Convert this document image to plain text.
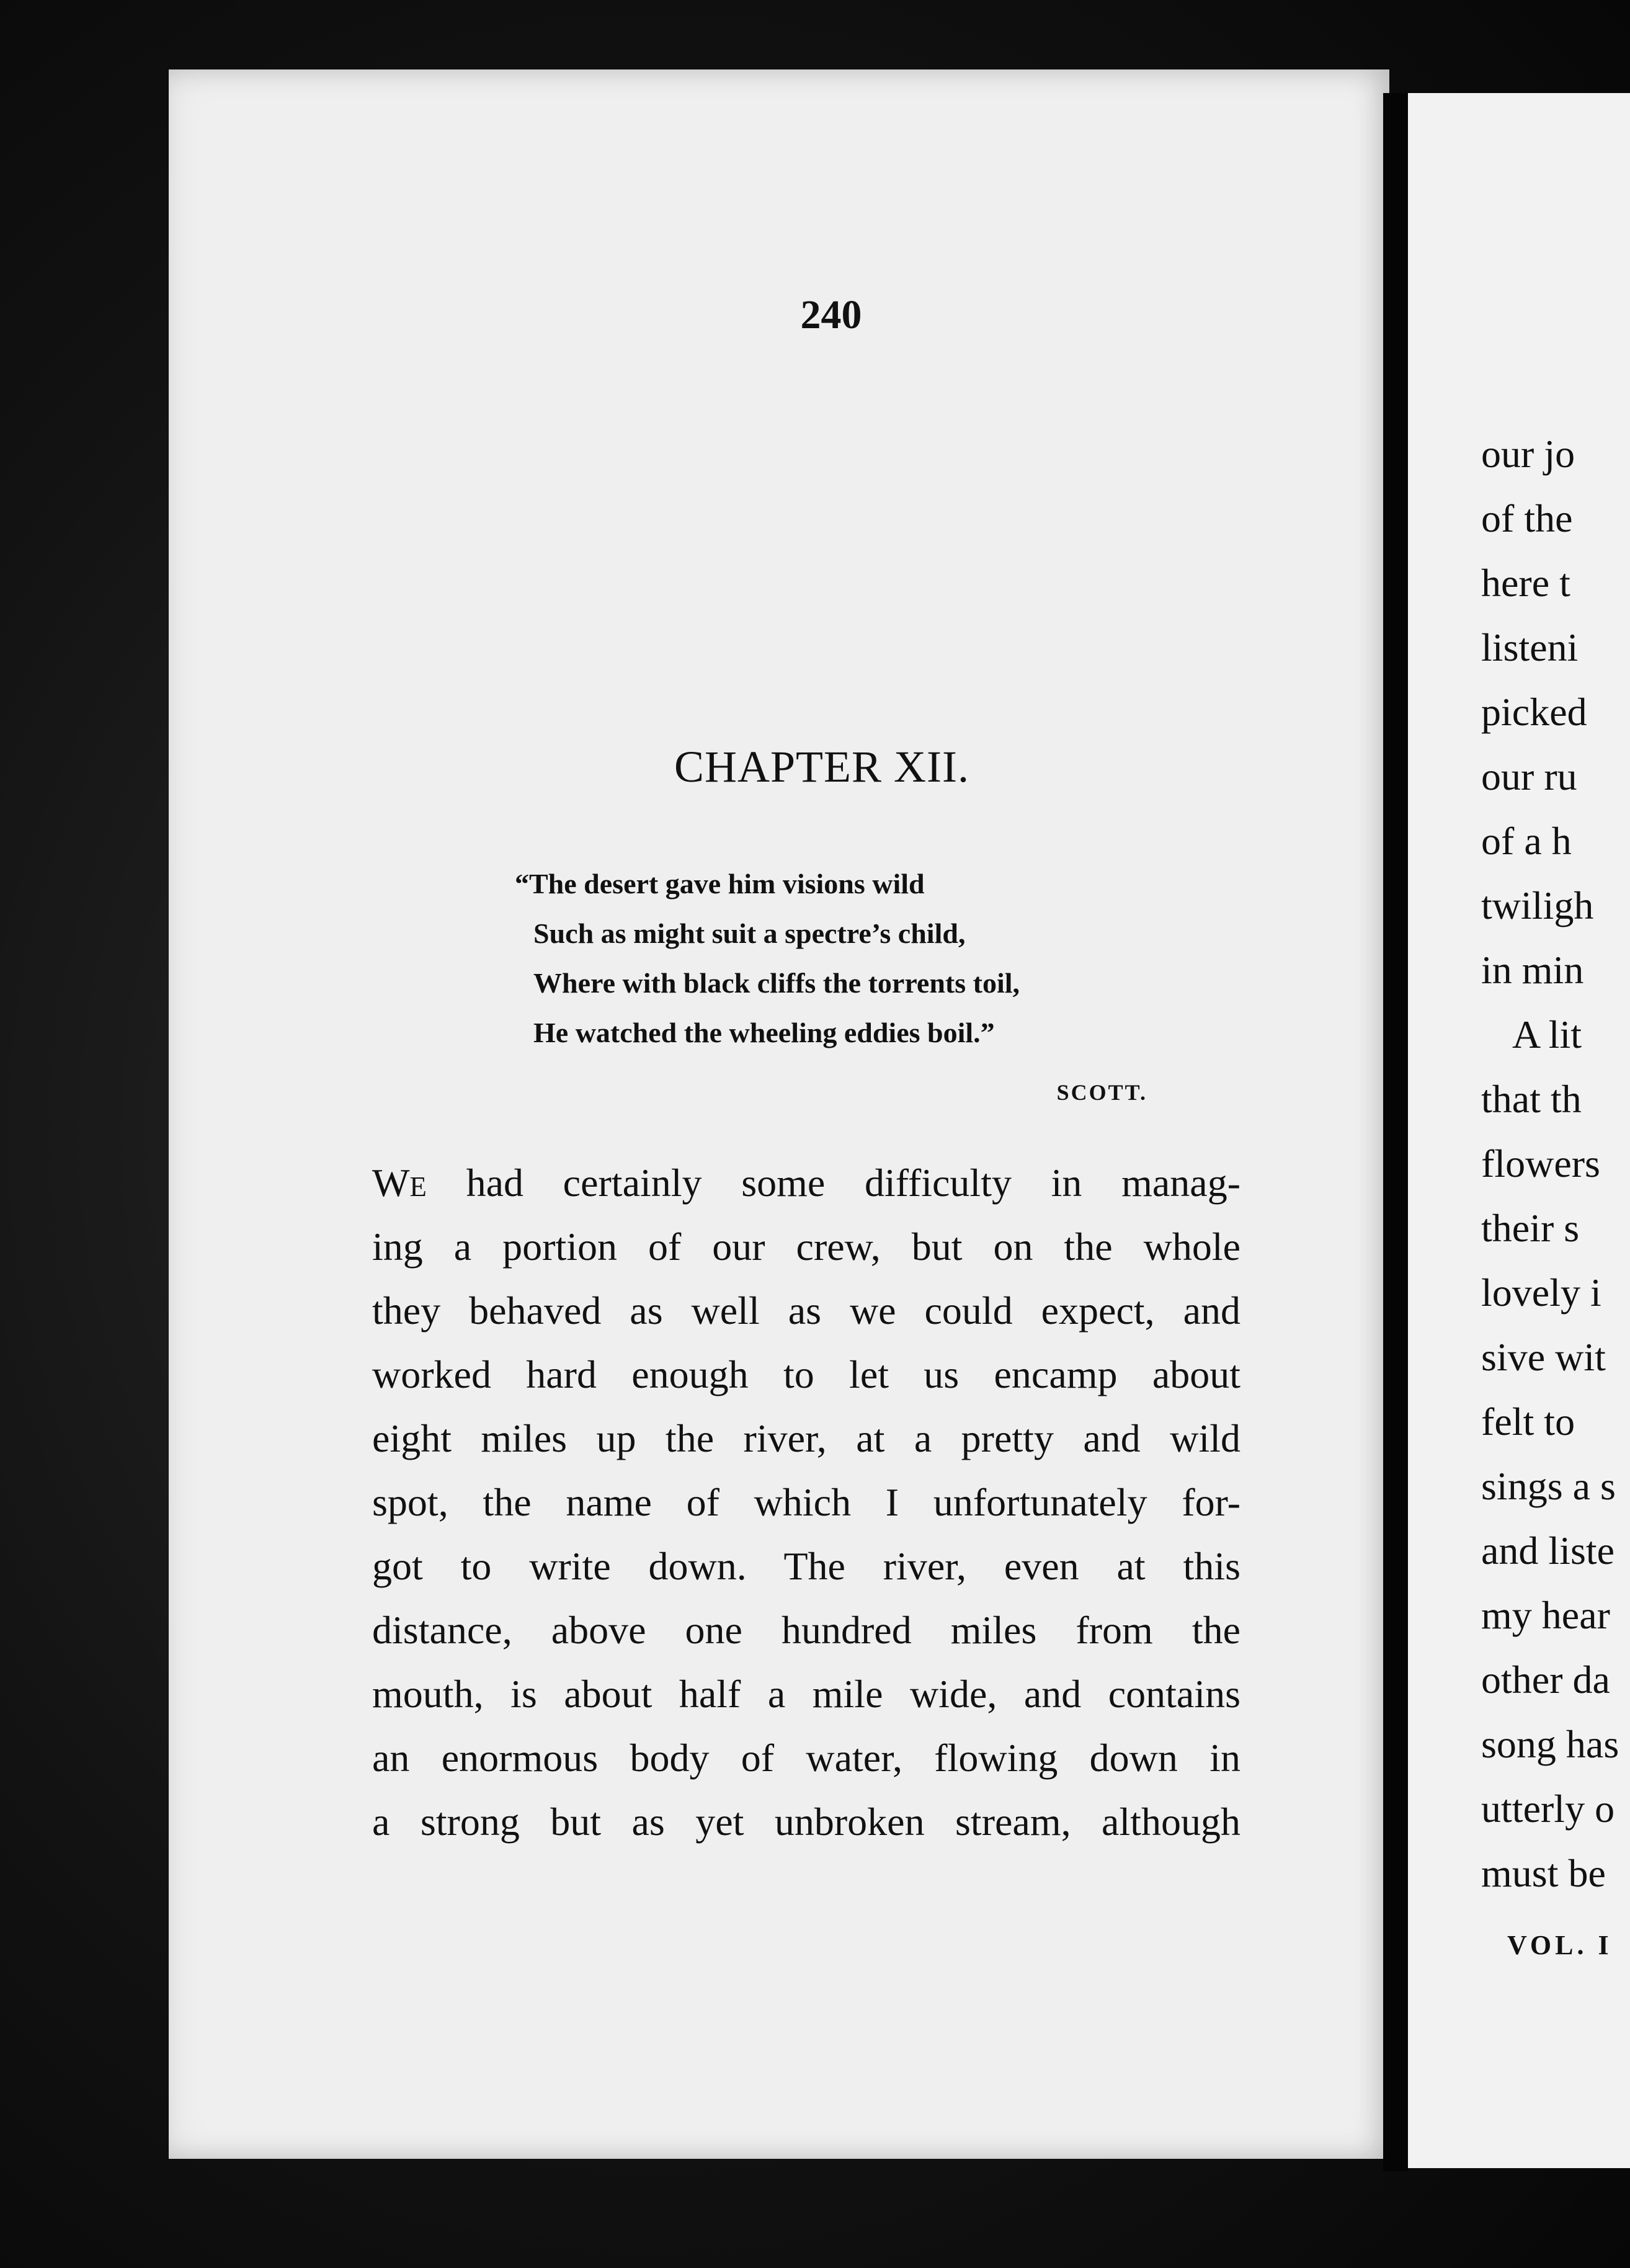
our jo
of the
here t
listeni
picked
our ru
of a h
twiligh
in min
A lit
that th
flowers
their s
lovely i
sive wit
felt to
sings a s
and liste
my hear
other da
song has
utterly o
must be
VOL. I
240
CHAPTER XII.
“The desert gave him visions wild
Such as might suit a spectre’s child,
Where with black cliffs the torrents toil,
He watched the wheeling eddies boil.”
SCOTT.
We had certainly some difficulty in manag-
ing a portion of our crew, but on the whole
they behaved as well as we could expect, and
worked hard enough to let us encamp about
eight miles up the river, at a pretty and wild
spot, the name of which I unfortunately for-
got to write down. The river, even at this
distance, above one hundred miles from the
mouth, is about half a mile wide, and contains
an enormous body of water, flowing down in
a strong but as yet unbroken stream, although
